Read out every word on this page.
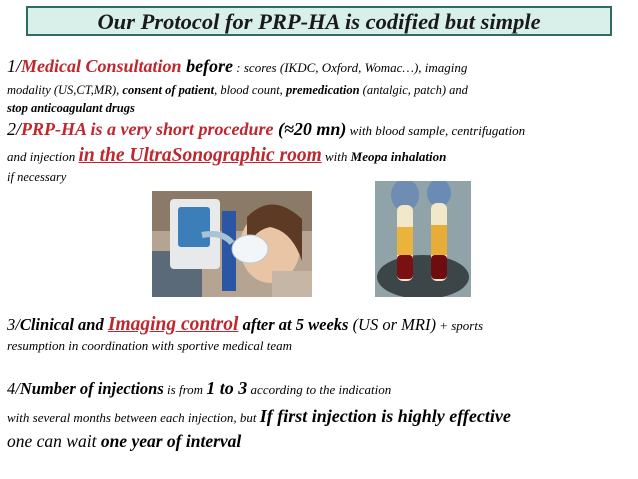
Our Protocol for PRP-HA is codified but simple
1/Medical Consultation before : scores (IKDC, Oxford, Womac…), imaging
modality (US,CT,MR), consent of patient, blood count, premedication (antalgic, patch) and
stop anticoagulant drugs
2/PRP-HA is a very short procedure (≈20 mn) with blood sample, centrifugation
and injection in the UltraSonographic room with Meopa inhalation
if necessary
3/Clinical and Imaging control after at 5 weeks (US or MRI) + sports
resumption in coordination with sportive medical team
4/Number of injections is from 1 to 3 according to the indication
with several months between each injection, but If first injection is highly effective
one can wait one year of interval
